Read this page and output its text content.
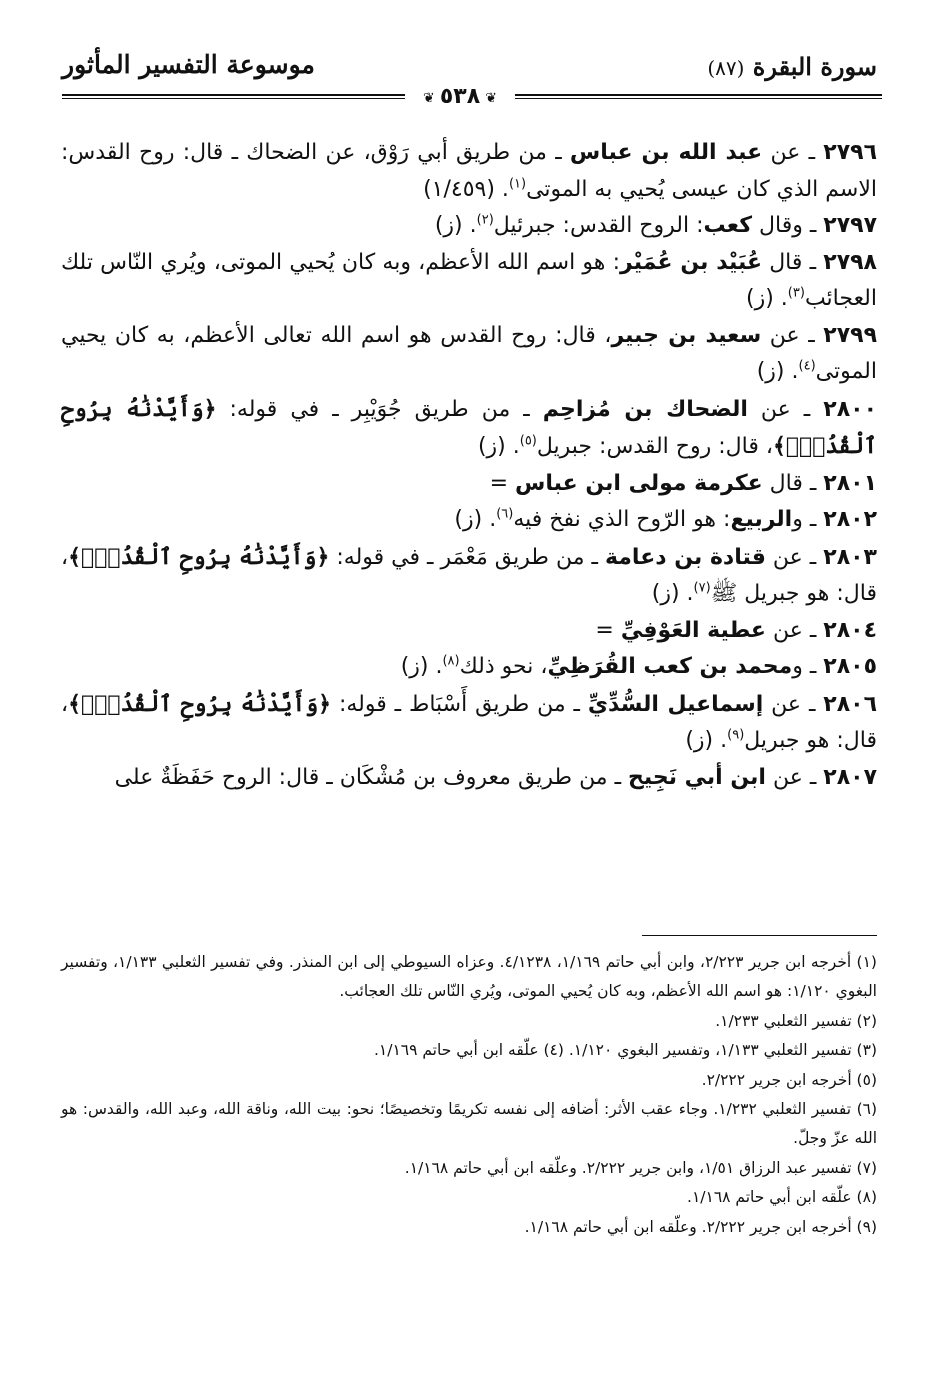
سورة البقرة (٨٧)
موسوعة التفسير المأثور
❦ ٥٣٨ ❦

٢٧٩٦ ـ عن عبد الله بن عباس ـ من طريق أبي رَوْق، عن الضحاك ـ قال: روح القدس: الاسم الذي كان عيسى يُحيي به الموتى$^{(١)}$. (١/٤٥٩)

٢٧٩٧ ـ وقال كعب: الروح القدس: جبرئيل$^{(٢)}$. (ز)

٢٧٩٨ ـ قال عُبَيْد بن عُمَيْر: هو اسم الله الأعظم، وبه كان يُحيي الموتى، ويُري النّاس تلك العجائب$^{(٣)}$. (ز)

٢٧٩٩ ـ عن سعيد بن جبير، قال: روح القدس هو اسم الله تعالى الأعظم، به كان يحيي الموتى$^{(٤)}$. (ز)

٢٨٠٠ ـ عن الضحاك بن مُزاحِم ـ من طريق جُوَيْبِر ـ في قوله: ﴿وَأَيَّدْنَٰهُ بِرُوحِ ٱلْقُدُسِۗ﴾، قال: روح القدس: جبريل$^{(٥)}$. (ز)

٢٨٠١ ـ قال عكرمة مولى ابن عباس =

٢٨٠٢ ـ والربيع: هو الرّوح الذي نفخ فيه$^{(٦)}$. (ز)

٢٨٠٣ ـ عن قتادة بن دعامة ـ من طريق مَعْمَر ـ في قوله: ﴿وَأَيَّدْنَٰهُ بِرُوحِ ٱلْقُدُسِۗ﴾، قال: هو جبريل ﷺ$^{(٧)}$. (ز)

٢٨٠٤ ـ عن عطية العَوْفِيِّ =

٢٨٠٥ ـ ومحمد بن كعب القُرَظِيِّ، نحو ذلك$^{(٨)}$. (ز)

٢٨٠٦ ـ عن إسماعيل السُّدِّيِّ ـ من طريق أَسْبَاط ـ قوله: ﴿وَأَيَّدْنَٰهُ بِرُوحِ ٱلْقُدُسِۗ﴾، قال: هو جبريل$^{(٩)}$. (ز)

٢٨٠٧ ـ عن ابن أبي نَجِيح ـ من طريق معروف بن مُشْكَان ـ قال: الروح حَفَظَةٌ على

(١) أخرجه ابن جرير ٢/٢٢٣، وابن أبي حاتم ١/١٦٩، ٤/١٢٣٨. وعزاه السيوطي إلى ابن المنذر. وفي تفسير الثعلبي ١/١٣٣، وتفسير البغوي ١/١٢٠: هو اسم الله الأعظم، وبه كان يُحيي الموتى، ويُري النّاس تلك العجائب.

(٢) تفسير الثعلبي ١/٢٣٣.

(٣) تفسير الثعلبي ١/١٣٣، وتفسير البغوي ١/١٢٠. (٤) علّقه ابن أبي حاتم ١/١٦٩.

(٥) أخرجه ابن جرير ٢/٢٢٢.

(٦) تفسير الثعلبي ١/٢٣٢. وجاء عقب الأثر: أضافه إلى نفسه تكريمًا وتخصيصًا؛ نحو: بيت الله، وناقة الله، وعبد الله، والقدس: هو الله عزّ وجلّ.

(٧) تفسير عبد الرزاق ١/٥١، وابن جرير ٢/٢٢٢. وعلّقه ابن أبي حاتم ١/١٦٨.

(٨) علّقه ابن أبي حاتم ١/١٦٨.

(٩) أخرجه ابن جرير ٢/٢٢٢. وعلّقه ابن أبي حاتم ١/١٦٨.
